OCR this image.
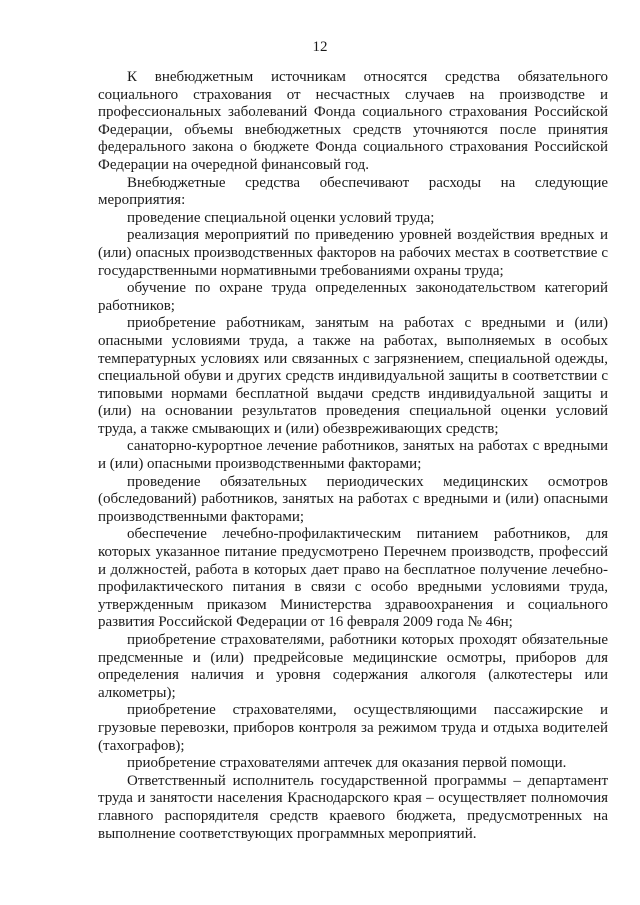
12

К внебюджетным источникам относятся средства обязательного социального страхования от несчастных случаев на производстве и профессиональных заболеваний Фонда социального страхования Российской Федерации, объемы внебюджетных средств уточняются после принятия федерального закона о бюджете Фонда социального страхования Российской Федерации на очередной финансовый год.

Внебюджетные средства обеспечивают расходы на следующие мероприятия:

проведение специальной оценки условий труда;

реализация мероприятий по приведению уровней воздействия вредных и (или) опасных производственных факторов на рабочих местах в соответствие с государственными нормативными требованиями охраны труда;

обучение по охране труда определенных законодательством категорий работников;

приобретение работникам, занятым на работах с вредными и (или) опасными условиями труда, а также на работах, выполняемых в особых температурных условиях или связанных с загрязнением, специальной одежды, специальной обуви и других средств индивидуальной защиты в соответствии с типовыми нормами бесплатной выдачи средств индивидуальной защиты и (или) на основании результатов проведения специальной оценки условий труда, а также смывающих и (или) обезвреживающих средств;

санаторно-курортное лечение работников, занятых на работах с вредными и (или) опасными производственными факторами;

проведение обязательных периодических медицинских осмотров (обследований) работников, занятых на работах с вредными и (или) опасными производственными факторами;

обеспечение лечебно-профилактическим питанием работников, для которых указанное питание предусмотрено Перечнем производств, профессий и должностей, работа в которых дает право на бесплатное получение лечебно-профилактического питания в связи с особо вредными условиями труда, утвержденным приказом Министерства здравоохранения и социального развития Российской Федерации от 16 февраля 2009 года № 46н;

приобретение страхователями, работники которых проходят обязательные предсменные и (или) предрейсовые медицинские осмотры, приборов для определения наличия и уровня содержания алкоголя (алкотестеры или алкометры);

приобретение страхователями, осуществляющими пассажирские и грузовые перевозки, приборов контроля за режимом труда и отдыха водителей (тахографов);

приобретение страхователями аптечек для оказания первой помощи.

Ответственный исполнитель государственной программы – департамент труда и занятости населения Краснодарского края – осуществляет полномочия главного распорядителя средств краевого бюджета, предусмотренных на выполнение соответствующих программных мероприятий.
